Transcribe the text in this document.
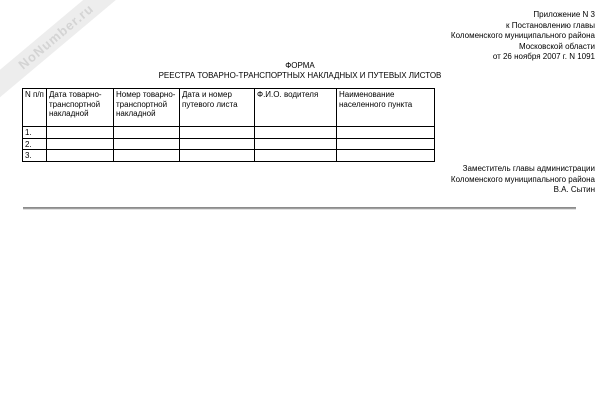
NoNumber.ru	Приложение N 3
к Постановлению главы
Коломенского муниципального района
Московской области
от 26 ноября 2007 г. N 1091
ФОРМА
РЕЕСТРА ТОВАРНО-ТРАНСПОРТНЫХ НАКЛАДНЫХ И ПУТЕВЫХ ЛИСТОВ
N п/п	Дата товарно-транспортной накладной	Номер товарно-транспортной накладной	Дата и номер путевого листа	Ф.И.О. водителя	Наименование населенного пункта
1.					
2.					
3.					
Заместитель главы администрации
Коломенского муниципального района
В.А. Сытин
